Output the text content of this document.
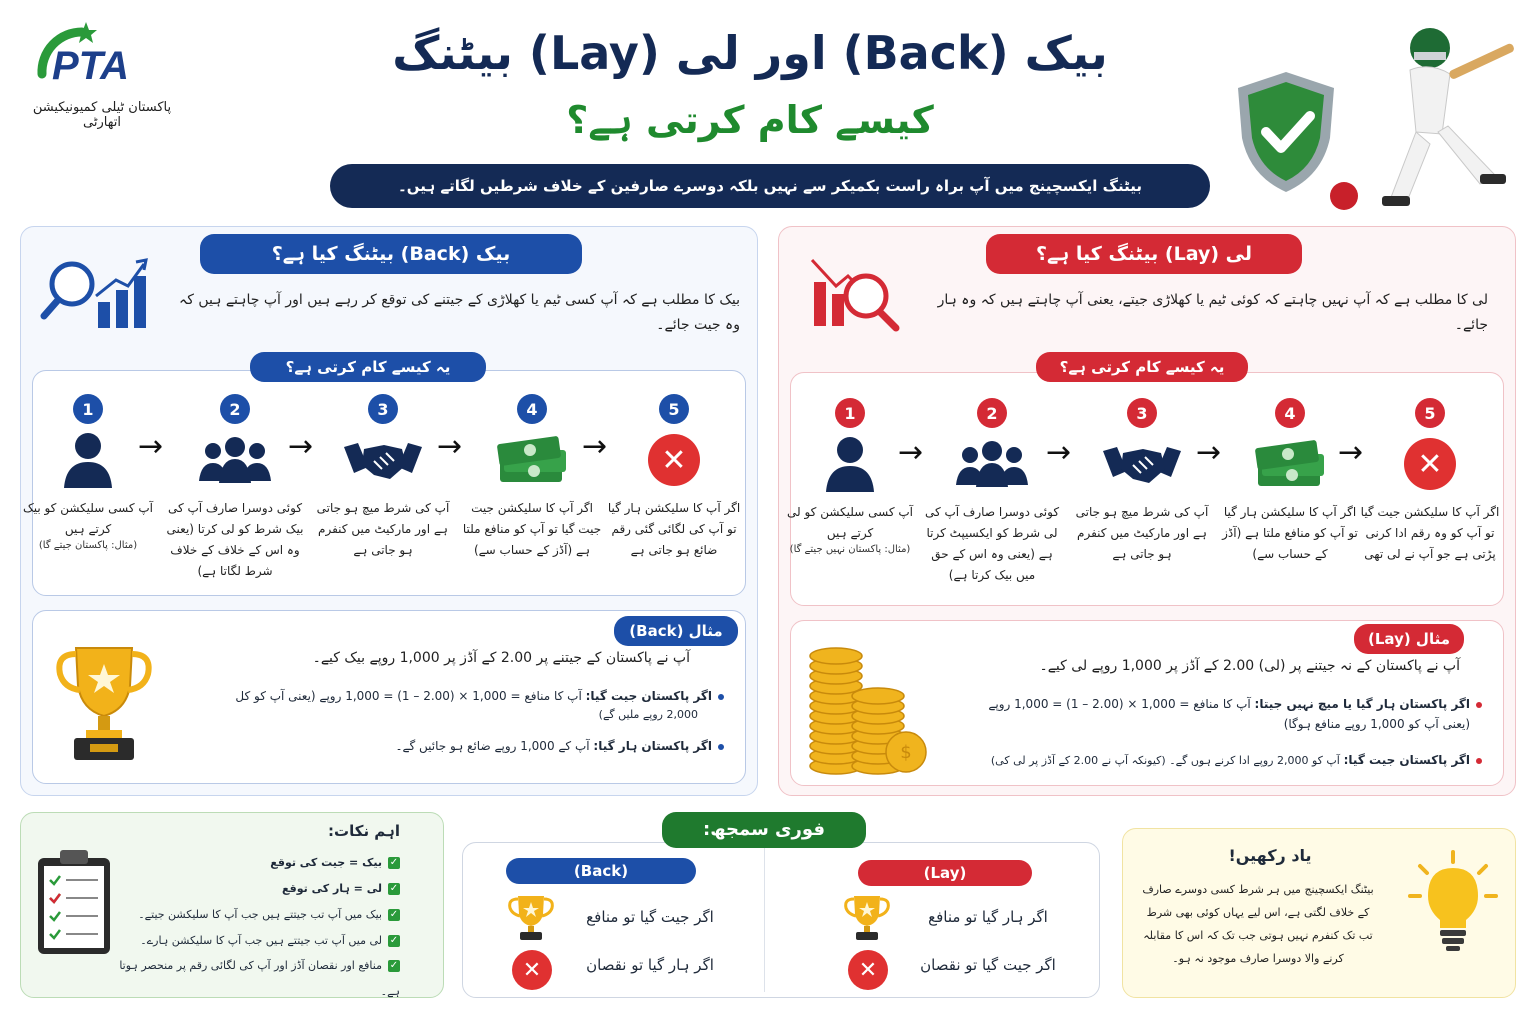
PTA
پاکستان ٹیلی کمیونیکیشن اتھارٹی
بیک (Back) اور لی (Lay) بیٹنگ
کیسے کام کرتی ہے؟
بیٹنگ ایکسچینج میں آپ براہ راست بکمیکر سے نہیں بلکہ دوسرے صارفین کے خلاف شرطیں لگاتے ہیں۔
بیک (Back) بیٹنگ کیا ہے؟
بیک کا مطلب ہے کہ آپ کسی ٹیم یا کھلاڑی کے جیتنے کی توقع کر رہے ہیں اور آپ چاہتے ہیں کہ وہ جیت جائے۔
یہ کیسے کام کرتی ہے؟
1
آپ کسی سلیکشن کو بیک کرتے ہیں
(مثال: پاکستان جیتے گا)
→
2
کوئی دوسرا صارف آپ کی بیک شرط کو لی کرتا (یعنی وہ اس کے خلاف کے خلاف شرط لگاتا ہے)
→
3
آپ کی شرط میچ ہو جاتی ہے اور مارکیٹ میں کنفرم ہو جاتی ہے
→
4
اگر آپ کا سلیکشن جیت جیت گیا تو آپ کو منافع ملتا ہے (آڈز کے حساب سے)
→
5
✕
اگر آپ کا سلیکشن ہار گیا تو آپ کی لگائی گئی رقم ضائع ہو جاتی ہے
مثال (Back)
آپ نے پاکستان کے جیتنے پر 2.00 کے آڈز پر 1,000 روپے بیک کیے۔
اگر پاکستان جیت گیا: آپ کا منافع = 1,000 × (2.00 – 1) = 1,000 روپے (یعنی آپ کو کل
2,000 روپے ملیں گے)
اگر پاکستان ہار گیا: آپ کے 1,000 روپے ضائع ہو جائیں گے۔
لی (Lay) بیٹنگ کیا ہے؟
لی کا مطلب ہے کہ آپ نہیں چاہتے کہ کوئی ٹیم یا کھلاڑی جیتے، یعنی آپ چاہتے ہیں کہ وہ ہار جائے۔
یہ کیسے کام کرتی ہے؟
1
آپ کسی سلیکشن کو لی کرتے ہیں
(مثال: پاکستان نہیں جیتے گا)
→
2
کوئی دوسرا صارف آپ کی لی شرط کو ایکسیپٹ کرتا ہے (یعنی وہ اس کے حق میں بیک کرتا ہے)
→
3
آپ کی شرط میچ ہو جاتی ہے اور مارکیٹ میں کنفرم ہو جاتی ہے
→
4
اگر آپ کا سلیکشن ہار گیا تو آپ کو منافع ملتا ہے (آڈز کے حساب سے)
→
5
✕
اگر آپ کا سلیکشن جیت گیا تو آپ کو وہ رقم ادا کرنی پڑتی ہے جو آپ نے لی تھی
مثال (Lay)
$
آپ نے پاکستان کے نہ جیتنے پر (لی) 2.00 کے آڈز پر 1,000 روپے لی کیے۔
اگر پاکستان ہار گیا یا میچ نہیں جیتا: آپ کا منافع = 1,000 × (2.00 – 1) = 1,000 روپے
(یعنی آپ کو 1,000 روپے منافع ہوگا)
اگر پاکستان جیت گیا: آپ کو 2,000 روپے ادا کرنے ہوں گے۔ (کیونکہ آپ نے 2.00 کے آڈز پر لی کی)
اہم نکات:
✓بیک = جیت کی توقع
✓لی = ہار کی توقع
✓بیک میں آپ تب جیتتے ہیں جب آپ کا سلیکشن جیتے۔
✓لی میں آپ تب جیتتے ہیں جب آپ کا سلیکشن ہارے۔
✓منافع اور نقصان آڈز اور آپ کی لگائی رقم پر منحصر ہوتا ہے۔
فوری سمجھ:
(Back)
اگر جیت گیا تو منافع
✕	اگر ہار گیا تو نقصان
(Lay)
اگر ہار گیا تو منافع
✕	اگر جیت گیا تو نقصان
یاد رکھیں!
بیٹنگ ایکسچینج میں ہر شرط کسی دوسرے صارف کے خلاف لگتی ہے، اس لیے یہاں کوئی بھی شرط تب تک کنفرم نہیں ہوتی جب تک کہ اس کا مقابلہ کرنے والا دوسرا صارف موجود نہ ہو۔
